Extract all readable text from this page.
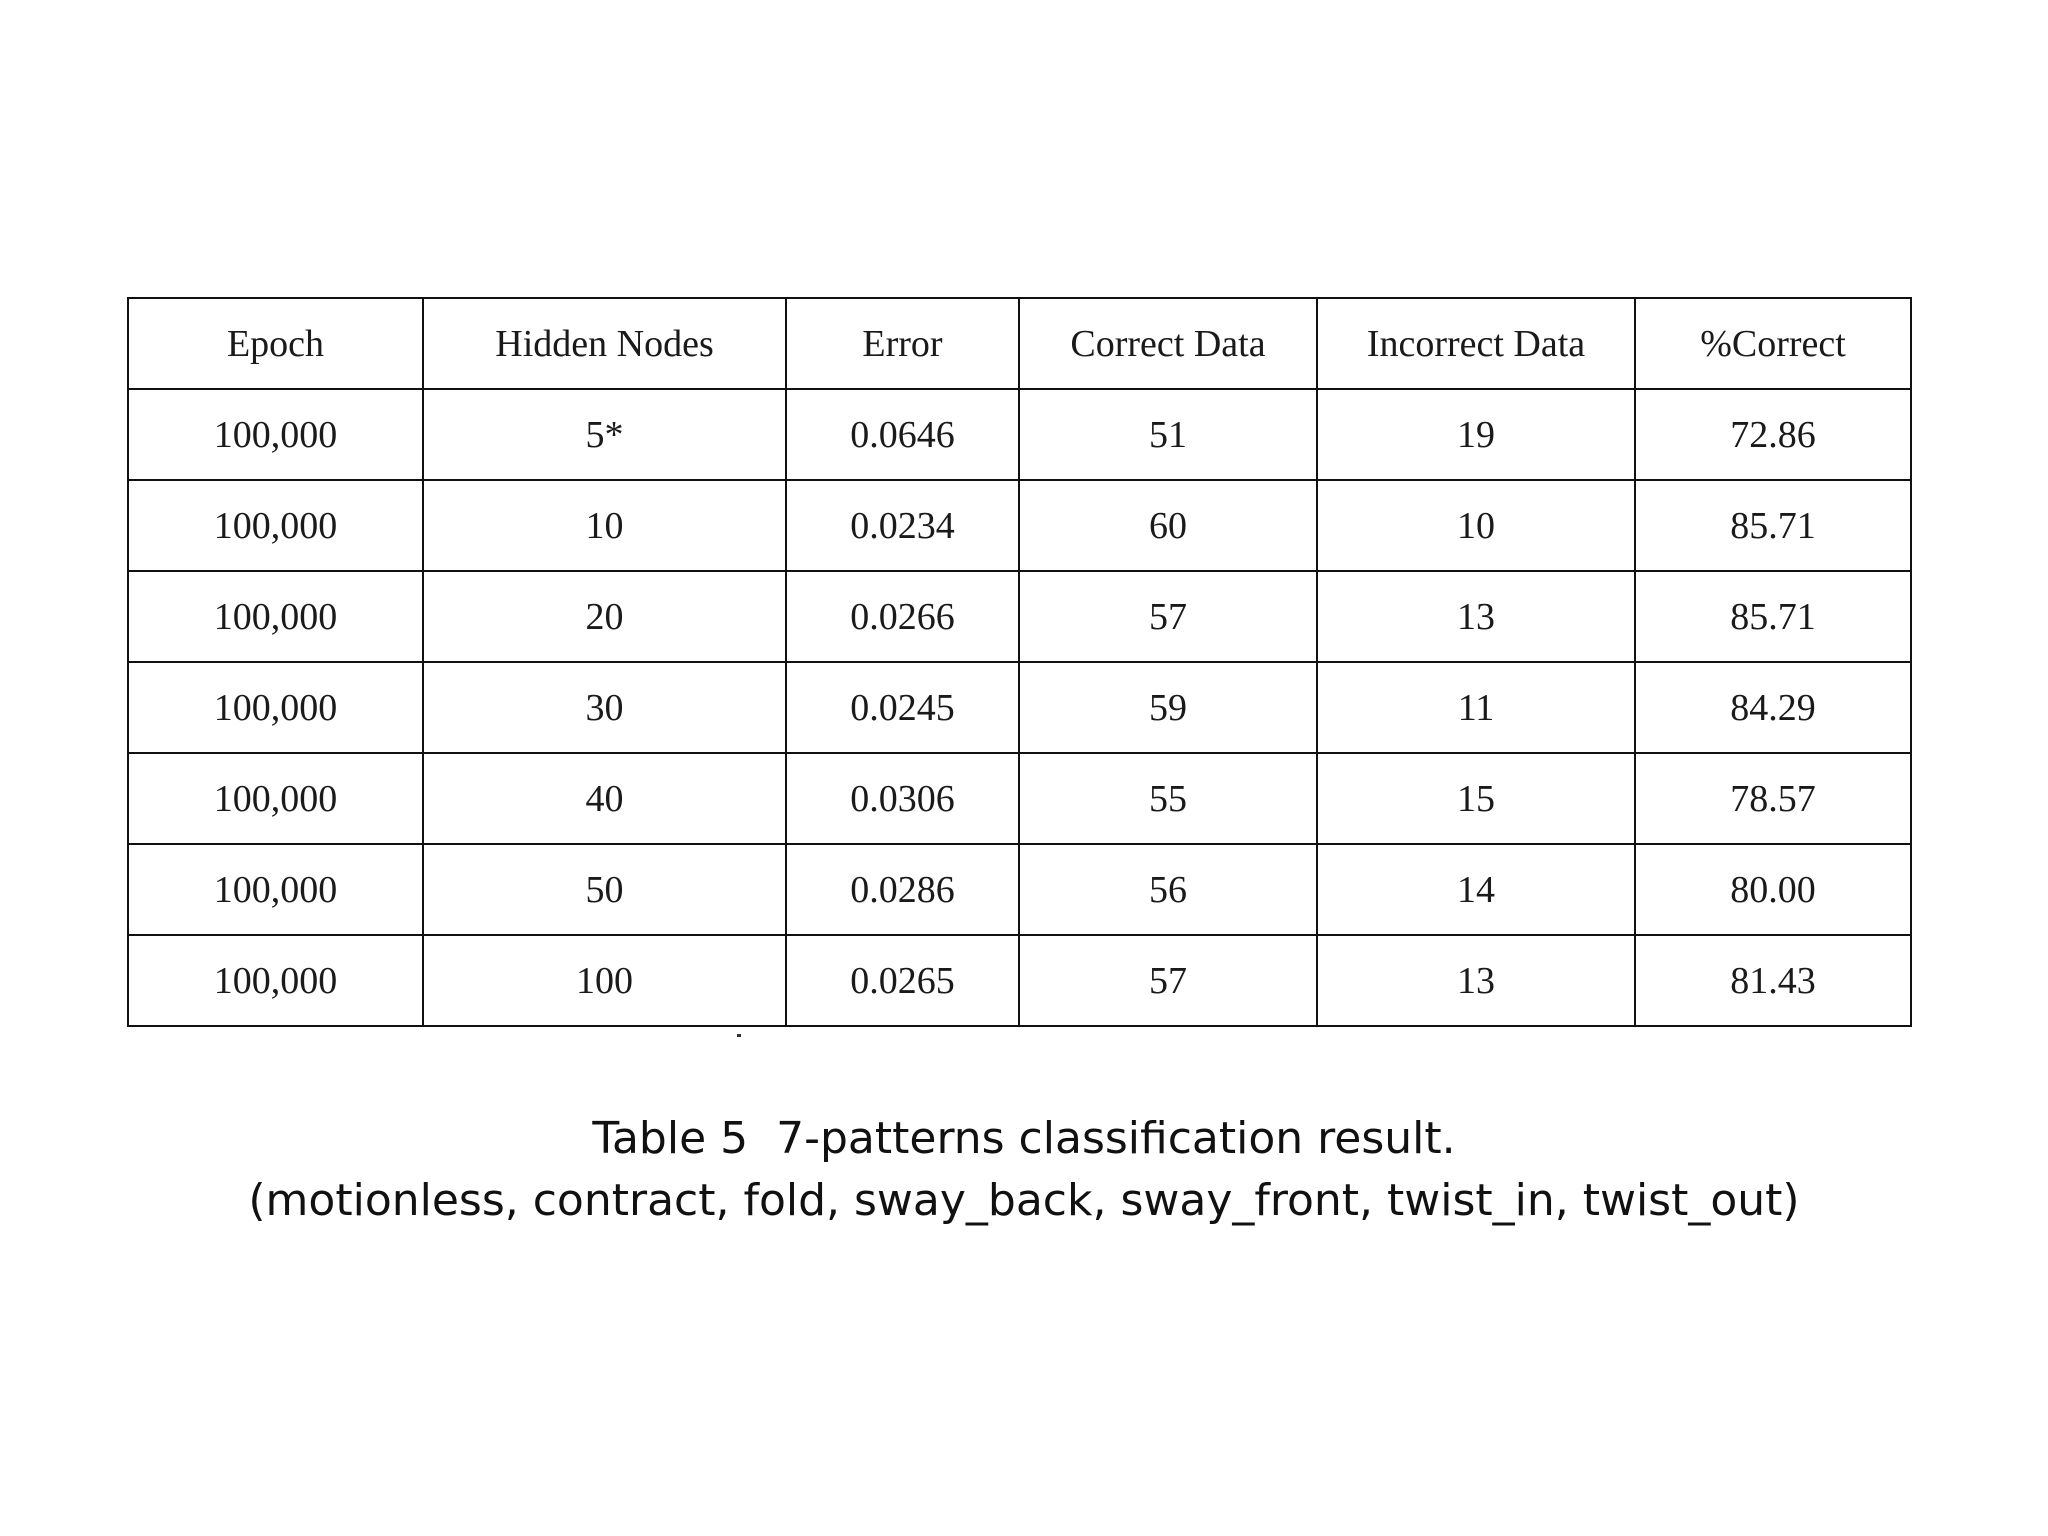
Epoch	Hidden Nodes	Error	Correct Data	Incorrect Data	%Correct
100,000	5*	0.0646	51	19	72.86
100,000	10	0.0234	60	10	85.71
100,000	20	0.0266	57	13	85.71
100,000	30	0.0245	59	11	84.29
100,000	40	0.0306	55	15	78.57
100,000	50	0.0286	56	14	80.00
100,000	100	0.0265	57	13	81.43
Table 5  7-patterns classification result.
(motionless, contract, fold, sway_back, sway_front, twist_in, twist_out)
